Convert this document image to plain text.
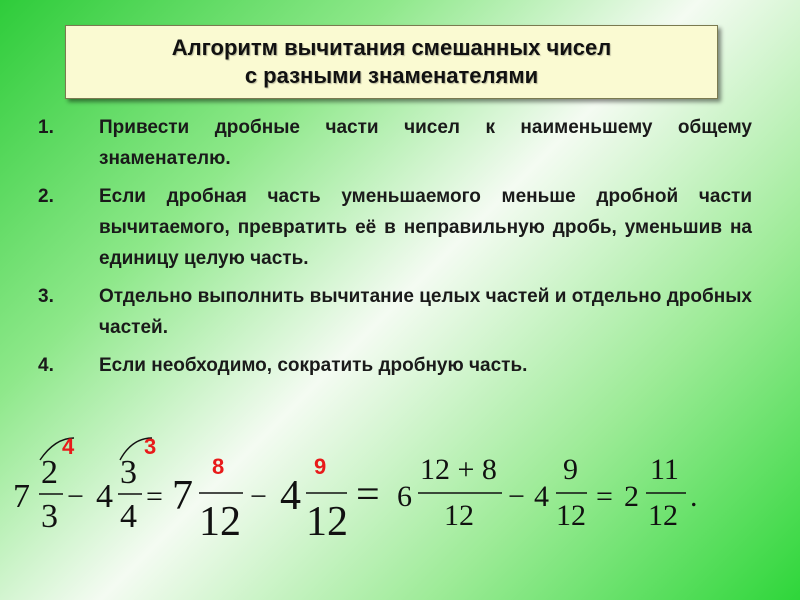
Алгоритм вычитания смешанных чисел
с разными знаменателями
1.	Привести дробные части чисел к наименьшему общему знаменателю.
2.	Если дробная часть уменьшаемого меньше дробной части вычитаемого, превратить её в неправильную дробь, уменьшив на единицу целую часть.
3.	Отдельно выполнить вычитание целых частей и отдельно дробных частей.
4.	Если необходимо, сократить дробную часть.
4
7
2
3
−
3
4
3
4
= 7
8
12
− 4
9
12
= 6
12 + 8
12
− 4
9
12
= 2
11
12
.
